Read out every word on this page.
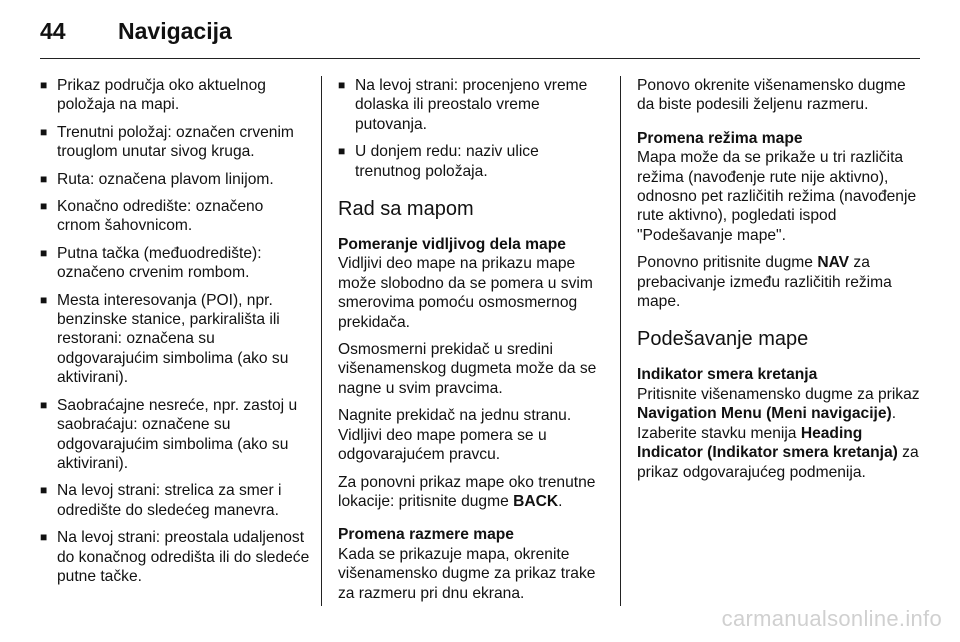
44 Navigacija
■ Prikaz područja oko aktuelnog položaja na mapi.
■ Trenutni položaj: označen crvenim trouglom unutar sivog kruga.
■ Ruta: označena plavom linijom.
■ Konačno odredište: označeno crnom šahovnicom.
■ Putna tačka (međuodredište): označeno crvenim rombom.
■ Mesta interesovanja (POI), npr. benzinske stanice, parkirališta ili restorani: označena su odgovarajućim simbolima (ako su aktivirani).
■ Saobraćajne nesreće, npr. zastoj u saobraćaju: označene su odgovarajućim simbolima (ako su aktivirani).
■ Na levoj strani: strelica za smer i odredište do sledećeg manevra.
■ Na levoj strani: preostala udaljenost do konačnog odredišta ili do sledeće putne tačke.
■ Na levoj strani: procenjeno vreme dolaska ili preostalo vreme putovanja.
■ U donjem redu: naziv ulice trenutnog položaja.
Rad sa mapom
Pomeranje vidljivog dela mape

Vidljivi deo mape na prikazu mape može slobodno da se pomera u svim smerovima pomoću osmosmernog prekidača.

Osmosmerni prekidač u sredini višenamenskog dugmeta može da se nagne u svim pravcima.

Nagnite prekidač na jednu stranu. Vidljivi deo mape pomera se u odgovarajućem pravcu.

Za ponovni prikaz mape oko trenutne lokacije: pritisnite dugme BACK.

Promena razmere mape

Kada se prikazuje mapa, okrenite višenamensko dugme za prikaz trake za razmeru pri dnu ekrana.

Ponovo okrenite višenamensko dugme da biste podesili željenu razmeru.

Promena režima mape

Mapa može da se prikaže u tri različita režima (navođenje rute nije aktivno), odnosno pet različitih režima (navođenje rute aktivno), pogledati ispod "Podešavanje mape".

Ponovno pritisnite dugme NAV za prebacivanje između različitih režima mape.

Podešavanje mape
Indikator smera kretanja

Pritisnite višenamensko dugme za prikaz Navigation Menu (Meni navigacije). Izaberite stavku menija Heading Indicator (Indikator smera kretanja) za prikaz odgovarajućeg podmenija.

carmanualsonline.info
